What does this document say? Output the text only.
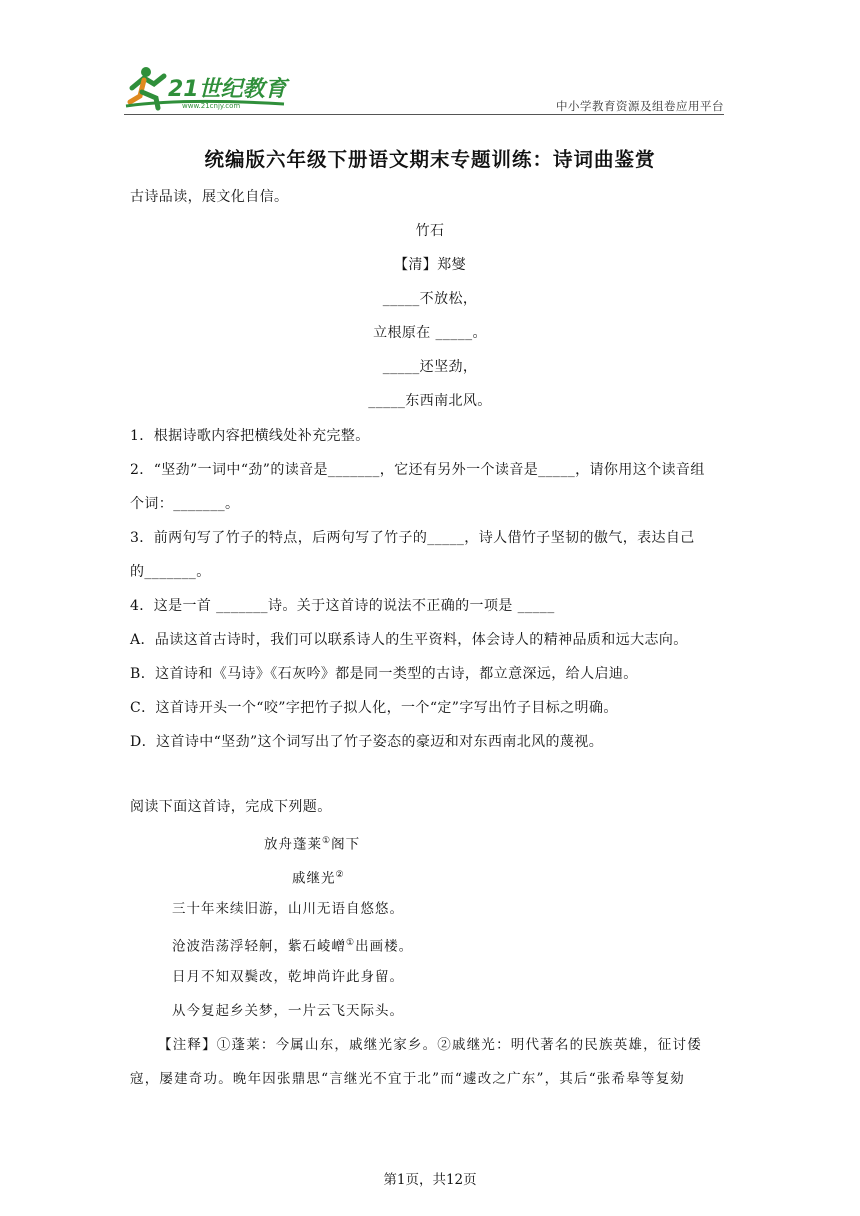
21世纪教育
www.21cnjy.com	中小学教育资源及组卷应用平台
统编版六年级下册语文期末专题训练：诗词曲鉴赏
古诗品读，展文化自信。
竹石
【清】郑燮
_____不放松，
立根原在 _____。
_____还坚劲，
_____东西南北风。
1．根据诗歌内容把横线处补充完整。
2．“坚劲”一词中“劲”的读音是_______，它还有另外一个读音是_____，请你用这个读音组
个词：_______。
3．前两句写了竹子的特点，后两句写了竹子的_____，诗人借竹子坚韧的傲气，表达自己
的_______。
4．这是一首 _______诗。关于这首诗的说法不正确的一项是 _____
A．品读这首古诗时，我们可以联系诗人的生平资料，体会诗人的精神品质和远大志向。
B．这首诗和《马诗》《石灰吟》都是同一类型的古诗，都立意深远，给人启迪。
C．这首诗开头一个“咬”字把竹子拟人化，一个“定”字写出竹子目标之明确。
D．这首诗中“坚劲”这个词写出了竹子姿态的豪迈和对东西南北风的蔑视。
阅读下面这首诗，完成下列题。
放舟蓬莱①阁下
戚继光②
三十年来续旧游，山川无语自悠悠。
沧波浩荡浮轻舸，紫石崚嶒①出画楼。
日月不知双鬓改，乾坤尚许此身留。
从今复起乡关梦，一片云飞天际头。
【注释】①蓬莱：今属山东，戚继光家乡。②戚继光：明代著名的民族英雄，征讨倭
寇，屡建奇功。晚年因张鼎思“言继光不宜于北”而“遽改之广东”，其后“张希皋等复劾
第1页，共12页
